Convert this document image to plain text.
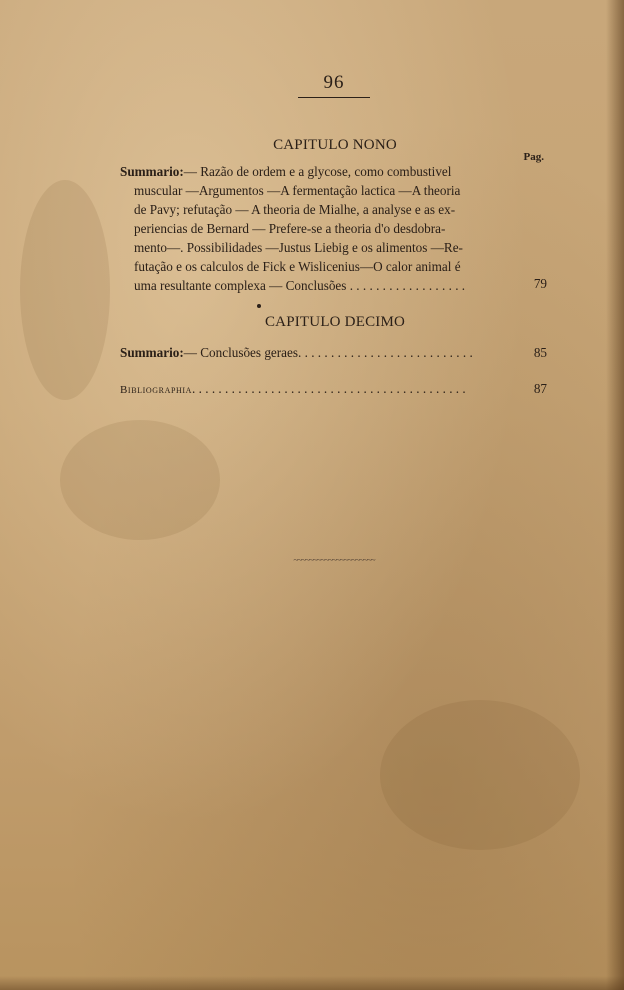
96
CAPITULO NONO
Pag.
Summario:— Razão de ordem e a glycose, como combustivel
muscular —Argumentos —A fermentação lactica —A theoria
de Pavy; refutação — A theoria de Mialhe, a analyse e as ex-
periencias de Bernard — Prefere-se a theoria d'o desdobra-
mento—. Possibilidades —Justus Liebig e os alimentos —Re-
futação e os calculos de Fick e Wislicenius—O calor animal é
uma resultante complexa — Conclusões . . . . . . . . . . . . . . . . . .	79
CAPITULO DECIMO
Summario:— Conclusões geraes. . . . . . . . . . . . . . . . . . . . . . . . . . .	85
Bibliographia. . . . . . . . . . . . . . . . . . . . . . . . . . . . . . . . . . . . . . . . . .	87
~~~~~~~~~~~~~~~~~~~~~
